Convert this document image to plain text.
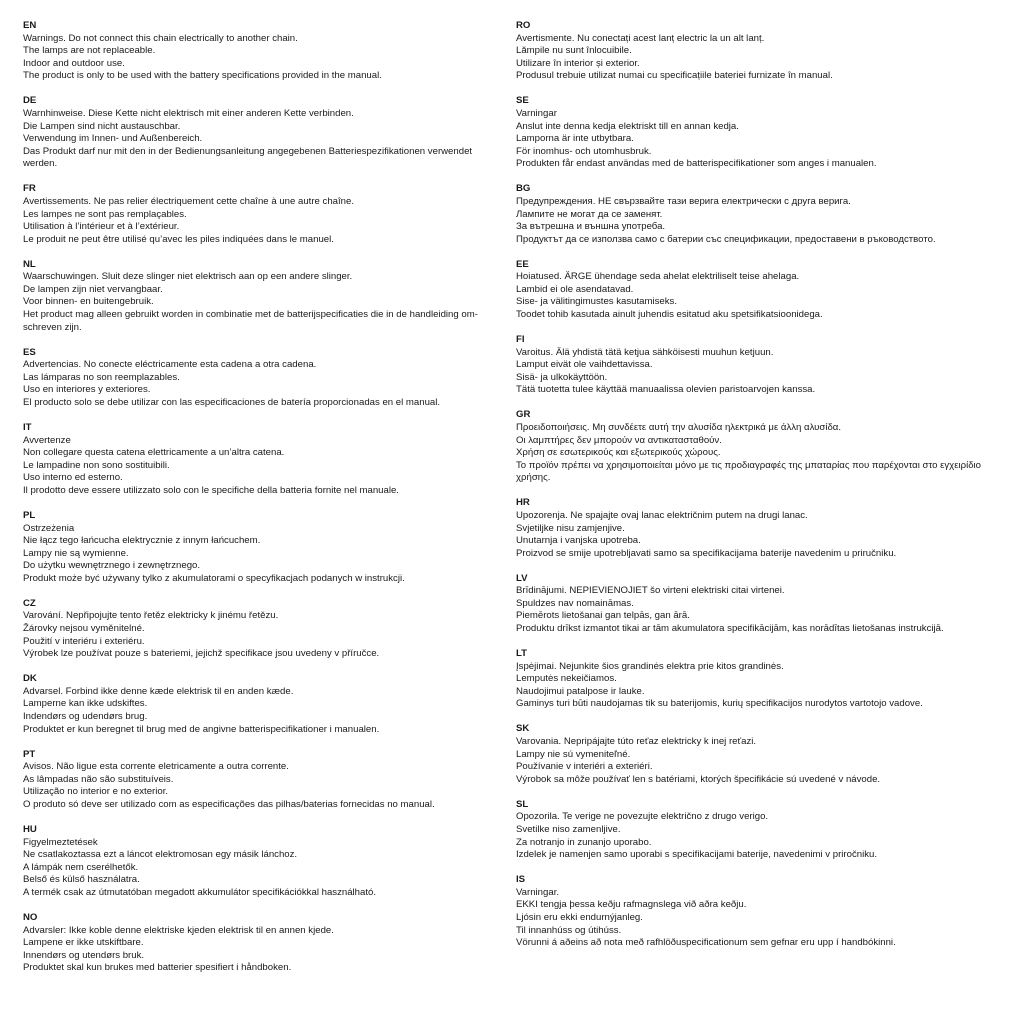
EN
Warnings. Do not connect this chain electrically to another chain.
The lamps are not replaceable.
Indoor and outdoor use.
The product is only to be used with the battery specifications provided in the manual.
DE
Warnhinweise. Diese Kette nicht elektrisch mit einer anderen Kette verbinden.
Die Lampen sind nicht austauschbar.
Verwendung im Innen- und Außenbereich.
Das Produkt darf nur mit den in der Bedienungsanleitung angegebenen Batteriespezifikationen verwendet
werden.
FR
Avertissements. Ne pas relier électriquement cette chaîne à une autre chaîne.
Les lampes ne sont pas remplaçables.
Utilisation à l’intérieur et à l’extérieur.
Le produit ne peut être utilisé qu’avec les piles indiquées dans le manuel.
NL
Waarschuwingen. Sluit deze slinger niet elektrisch aan op een andere slinger.
De lampen zijn niet vervangbaar.
Voor binnen- en buitengebruik.
Het product mag alleen gebruikt worden in combinatie met de batterijspecificaties die in de handleiding om-
schreven zijn.
ES
Advertencias. No conecte eléctricamente esta cadena a otra cadena.
Las lámparas no son reemplazables.
Uso en interiores y exteriores.
El producto solo se debe utilizar con las especificaciones de batería proporcionadas en el manual.
IT
Avvertenze
Non collegare questa catena elettricamente a un’altra catena.
Le lampadine non sono sostituibili.
Uso interno ed esterno.
Il prodotto deve essere utilizzato solo con le specifiche della batteria fornite nel manuale.
PL
Ostrzeżenia
Nie łącz tego łańcucha elektrycznie z innym łańcuchem.
Lampy nie są wymienne.
Do użytku wewnętrznego i zewnętrznego.
Produkt może być używany tylko z akumulatorami o specyfikacjach podanych w instrukcji.
CZ
Varování. Nepřipojujte tento řetěz elektricky k jinému řetězu.
Žárovky nejsou vyměnitelné.
Použití v interiéru i exteriéru.
Výrobek lze používat pouze s bateriemi, jejichž specifikace jsou uvedeny v příručce.
DK
Advarsel. Forbind ikke denne kæde elektrisk til en anden kæde.
Lamperne kan ikke udskiftes.
Indendørs og udendørs brug.
Produktet er kun beregnet til brug med de angivne batterispecifikationer i manualen.
PT
Avisos. Não ligue esta corrente eletricamente a outra corrente.
As lâmpadas não são substituíveis.
Utilização no interior e no exterior.
O produto só deve ser utilizado com as especificações das pilhas/baterias fornecidas no manual.
HU
Figyelmeztetések
Ne csatlakoztassa ezt a láncot elektromosan egy másik lánchoz.
A lámpák nem cserélhetők.
Belső és külső használatra.
A termék csak az útmutatóban megadott akkumulátor specifikációkkal használható.
NO
Advarsler: Ikke koble denne elektriske kjeden elektrisk til en annen kjede.
Lampene er ikke utskiftbare.
Innendørs og utendørs bruk.
Produktet skal kun brukes med batterier spesifiert i håndboken.
RO
Avertismente. Nu conectați acest lanț electric la un alt lanț.
Lămpile nu sunt înlocuibile.
Utilizare în interior și exterior.
Produsul trebuie utilizat numai cu specificațiile bateriei furnizate în manual.
SE
Varningar
Anslut inte denna kedja elektriskt till en annan kedja.
Lamporna är inte utbytbara.
För inomhus- och utomhusbruk.
Produkten får endast användas med de batterispecifikationer som anges i manualen.
BG
Предупреждения. НЕ свързвайте тази верига електрически с друга верига.
Лампите не могат да се заменят.
За вътрешна и външна употреба.
Продуктът да се използва само с батерии със спецификации, предоставени в ръководството.
EE
Hoiatused. ÄRGE ühendage seda ahelat elektriliselt teise ahelaga.
Lambid ei ole asendatavad.
Sise- ja välitingimustes kasutamiseks.
Toodet tohib kasutada ainult juhendis esitatud aku spetsifikatsioonidega.
FI
Varoitus. Älä yhdistä tätä ketjua sähköisesti muuhun ketjuun.
Lamput eivät ole vaihdettavissa.
Sisä- ja ulkokäyttöön.
Tätä tuotetta tulee käyttää manuaalissa olevien paristoarvojen kanssa.
GR
Προειδοποιήσεις. Μη συνδέετε αυτή την αλυσίδα ηλεκτρικά με άλλη αλυσίδα.
Οι λαμπτήρες δεν μπορούν να αντικατασταθούν.
Χρήση σε εσωτερικούς και εξωτερικούς χώρους.
Το προϊόν πρέπει να χρησιμοποιείται μόνο με τις προδιαγραφές της μπαταρίας που παρέχονται στο εγχειρίδιο
χρήσης.
HR
Upozorenja. Ne spajajte ovaj lanac električnim putem na drugi lanac.
Svjetiljke nisu zamjenjive.
Unutarnja i vanjska upotreba.
Proizvod se smije upotrebljavati samo sa specifikacijama baterije navedenim u priručniku.
LV
Brīdinājumi. NEPIEVIENOJIET šo virteni elektriski citai virtenei.
Spuldzes nav nomaināmas.
Piemērots lietošanai gan telpās, gan ārā.
Produktu drīkst izmantot tikai ar tām akumulatora specifikācijām, kas norādītas lietošanas instrukcijā.
LT
Įspėjimai. Nejunkite šios grandinės elektra prie kitos grandinės.
Lemputės nekeičiamos.
Naudojimui patalpose ir lauke.
Gaminys turi būti naudojamas tik su baterijomis, kurių specifikacijos nurodytos vartotojo vadove.
SK
Varovania. Nepripájajte túto reťaz elektricky k inej reťazi.
Lampy nie sú vymeniteľné.
Používanie v interiéri a exteriéri.
Výrobok sa môže používať len s batériami, ktorých špecifikácie sú uvedené v návode.
SL
Opozorila. Te verige ne povezujte električno z drugo verigo.
Svetilke niso zamenljive.
Za notranjo in zunanjo uporabo.
Izdelek je namenjen samo uporabi s specifikacijami baterije, navedenimi v priročniku.
IS
Varningar.
EKKI tengja þessa keðju rafmagnslega við aðra keðju.
Ljósin eru ekki endurnýjanleg.
Til innanhúss og útihúss.
Vörunni á aðeins að nota með rafhlöðuspecificationum sem gefnar eru upp í handbókinni.
